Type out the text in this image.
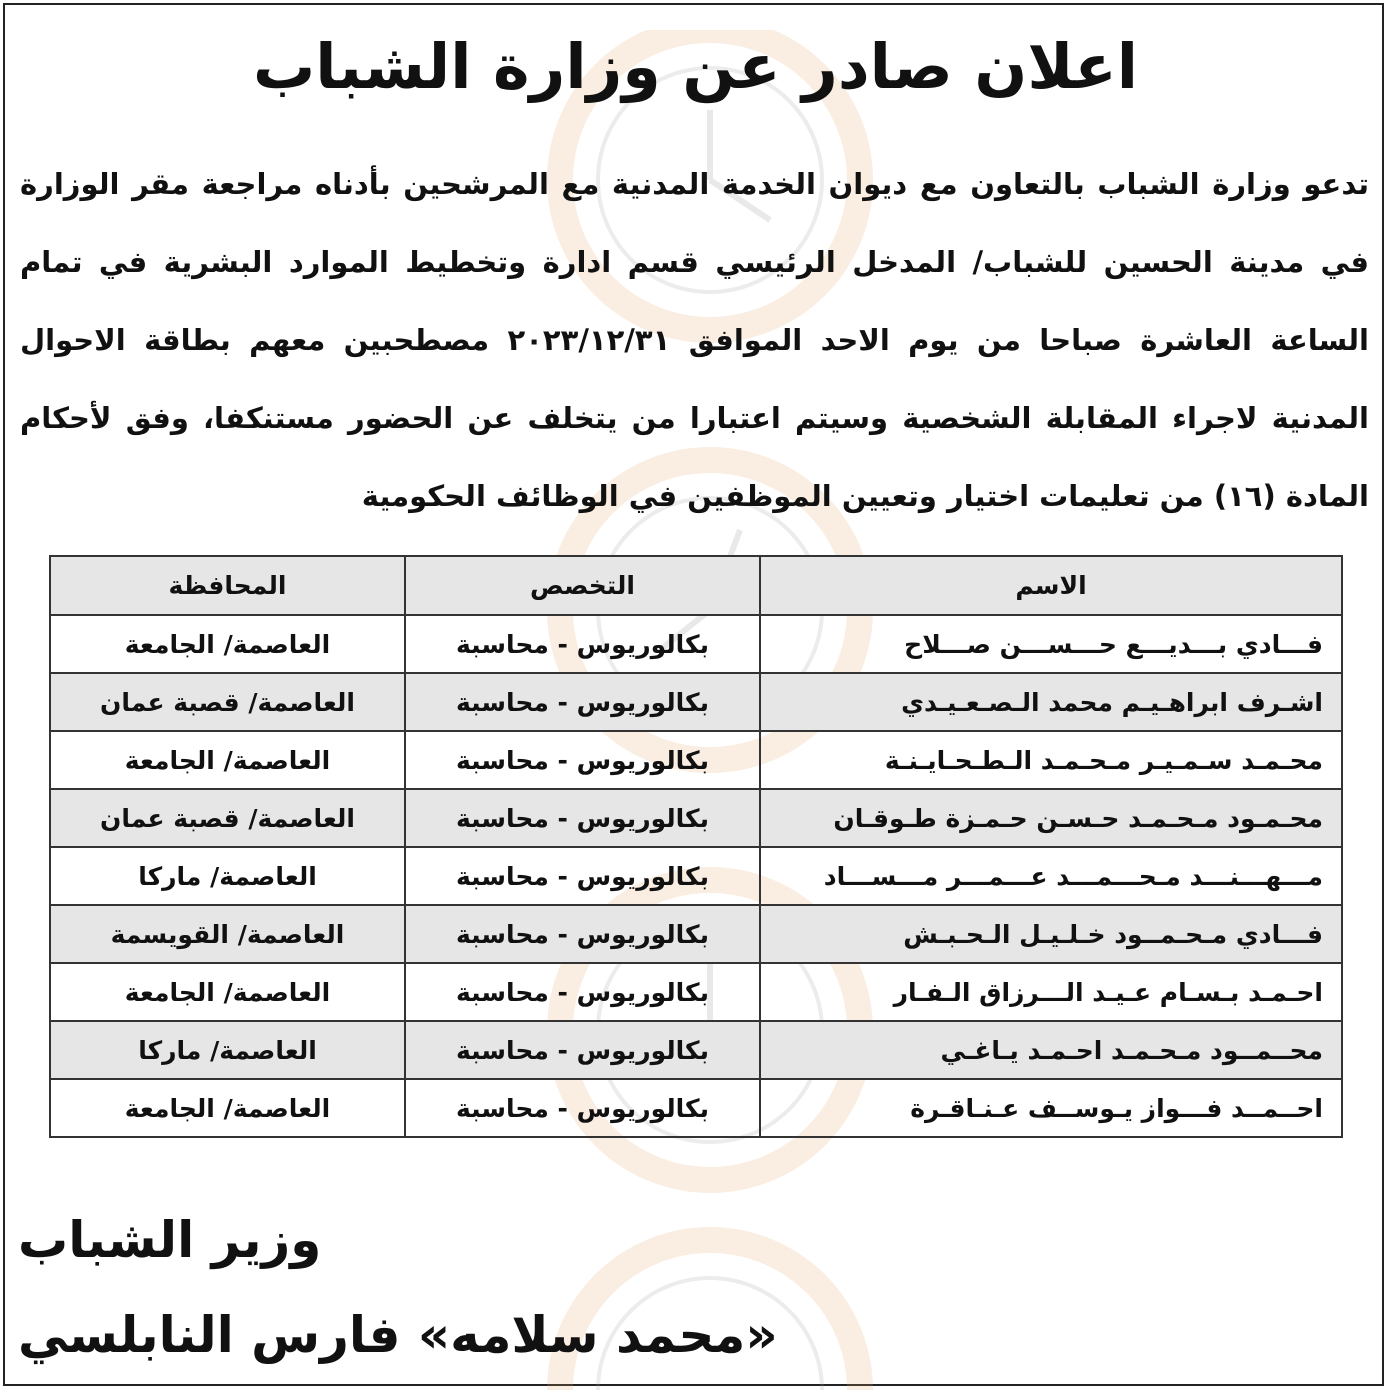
اعلان صادر عن وزارة الشباب
تدعو وزارة الشباب بالتعاون مع ديوان الخدمة المدنية مع المرشحين بأدناه مراجعة مقر الوزارة
في مدينة الحسين للشباب/ المدخل الرئيسي قسم ادارة وتخطيط الموارد البشرية في تمام
الساعة العاشرة صباحا من يوم الاحد الموافق ٢٠٢٣/١٢/٣١ مصطحبين معهم بطاقة الاحوال
المدنية لاجراء المقابلة الشخصية وسيتم اعتبارا من يتخلف عن الحضور مستنكفا، وفق لأحكام
المادة (١٦) من تعليمات اختيار وتعيين الموظفين في الوظائف الحكومية
الاسم	التخصص	المحافظة
فـــادي بـــديـــع حـــســـن صـــلاح	بكالوريوس - محاسبة	العاصمة/ الجامعة
اشـرف ابراهـيـم محمد الـصـعـيـدي	بكالوريوس - محاسبة	العاصمة/ قصبة عمان
محـمـد سـمـيـر مـحـمـد الـطـحـايـنـة	بكالوريوس - محاسبة	العاصمة/ الجامعة
محـمـود مـحـمـد حـسـن حـمـزة طـوقـان	بكالوريوس - محاسبة	العاصمة/ قصبة عمان
مـــهـــنـــد مـحـــمـــد عـــمـــر مـــســـاد	بكالوريوس - محاسبة	العاصمة/ ماركا
فـــادي مـحـمــود خـلـيـل الـحـبـش	بكالوريوس - محاسبة	العاصمة/ القويسمة
احـمـد بـسـام عـيـد الـــرزاق الـفـار	بكالوريوس - محاسبة	العاصمة/ الجامعة
محــمــود مـحـمـد احـمـد يـاغـي	بكالوريوس - محاسبة	العاصمة/ ماركا
احــمــد فـــواز يـوســف عـنـاقـرة	بكالوريوس - محاسبة	العاصمة/ الجامعة
وزير الشباب
«محمد سلامه» فارس النابلسي
